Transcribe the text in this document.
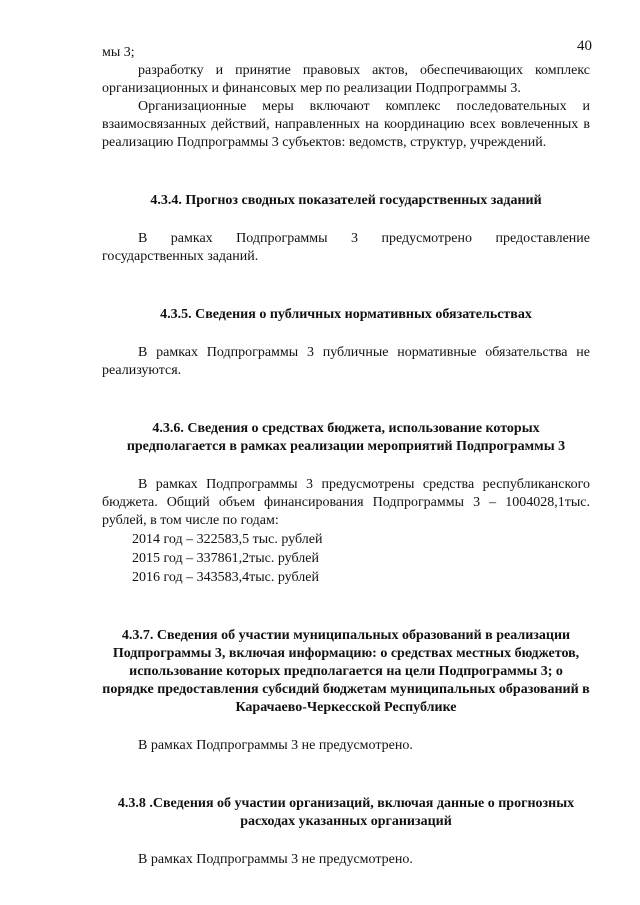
40

мы 3;

разработку и принятие правовых актов, обеспечивающих комплекс организационных и финансовых мер по реализации Подпрограммы 3.

Организационные меры включают комплекс последовательных и взаимосвязанных действий, направленных на координацию всех вовлеченных в реализацию Подпрограммы 3 субъектов: ведомств, структур, учреждений.

4.3.4. Прогноз сводных показателей государственных заданий

В рамках Подпрограммы 3 предусмотрено предоставление государственных заданий.

4.3.5. Сведения о публичных нормативных обязательствах

В рамках Подпрограммы 3 публичные нормативные обязательства не реализуются.

4.3.6. Сведения о средствах бюджета, использование которых предполагается в рамках реализации мероприятий Подпрограммы 3

В рамках Подпрограммы 3 предусмотрены средства республиканского бюджета. Общий объем финансирования Подпрограммы 3 – 1004028,1тыс. рублей, в том числе по годам:

2014 год – 322583,5 тыс. рублей
2015 год – 337861,2тыс. рублей
2016 год – 343583,4тыс. рублей
4.3.7. Сведения об участии муниципальных образований в реализации Подпрограммы 3, включая информацию: о средствах местных бюджетов, использование которых предполагается на цели Подпрограммы 3; о порядке предоставления субсидий бюджетам муниципальных образований в Карачаево-Черкесской Республике

В рамках Подпрограммы 3 не предусмотрено.

4.3.8 .Сведения об участии организаций, включая данные о прогнозных расходах указанных организаций

В рамках Подпрограммы 3 не предусмотрено.
